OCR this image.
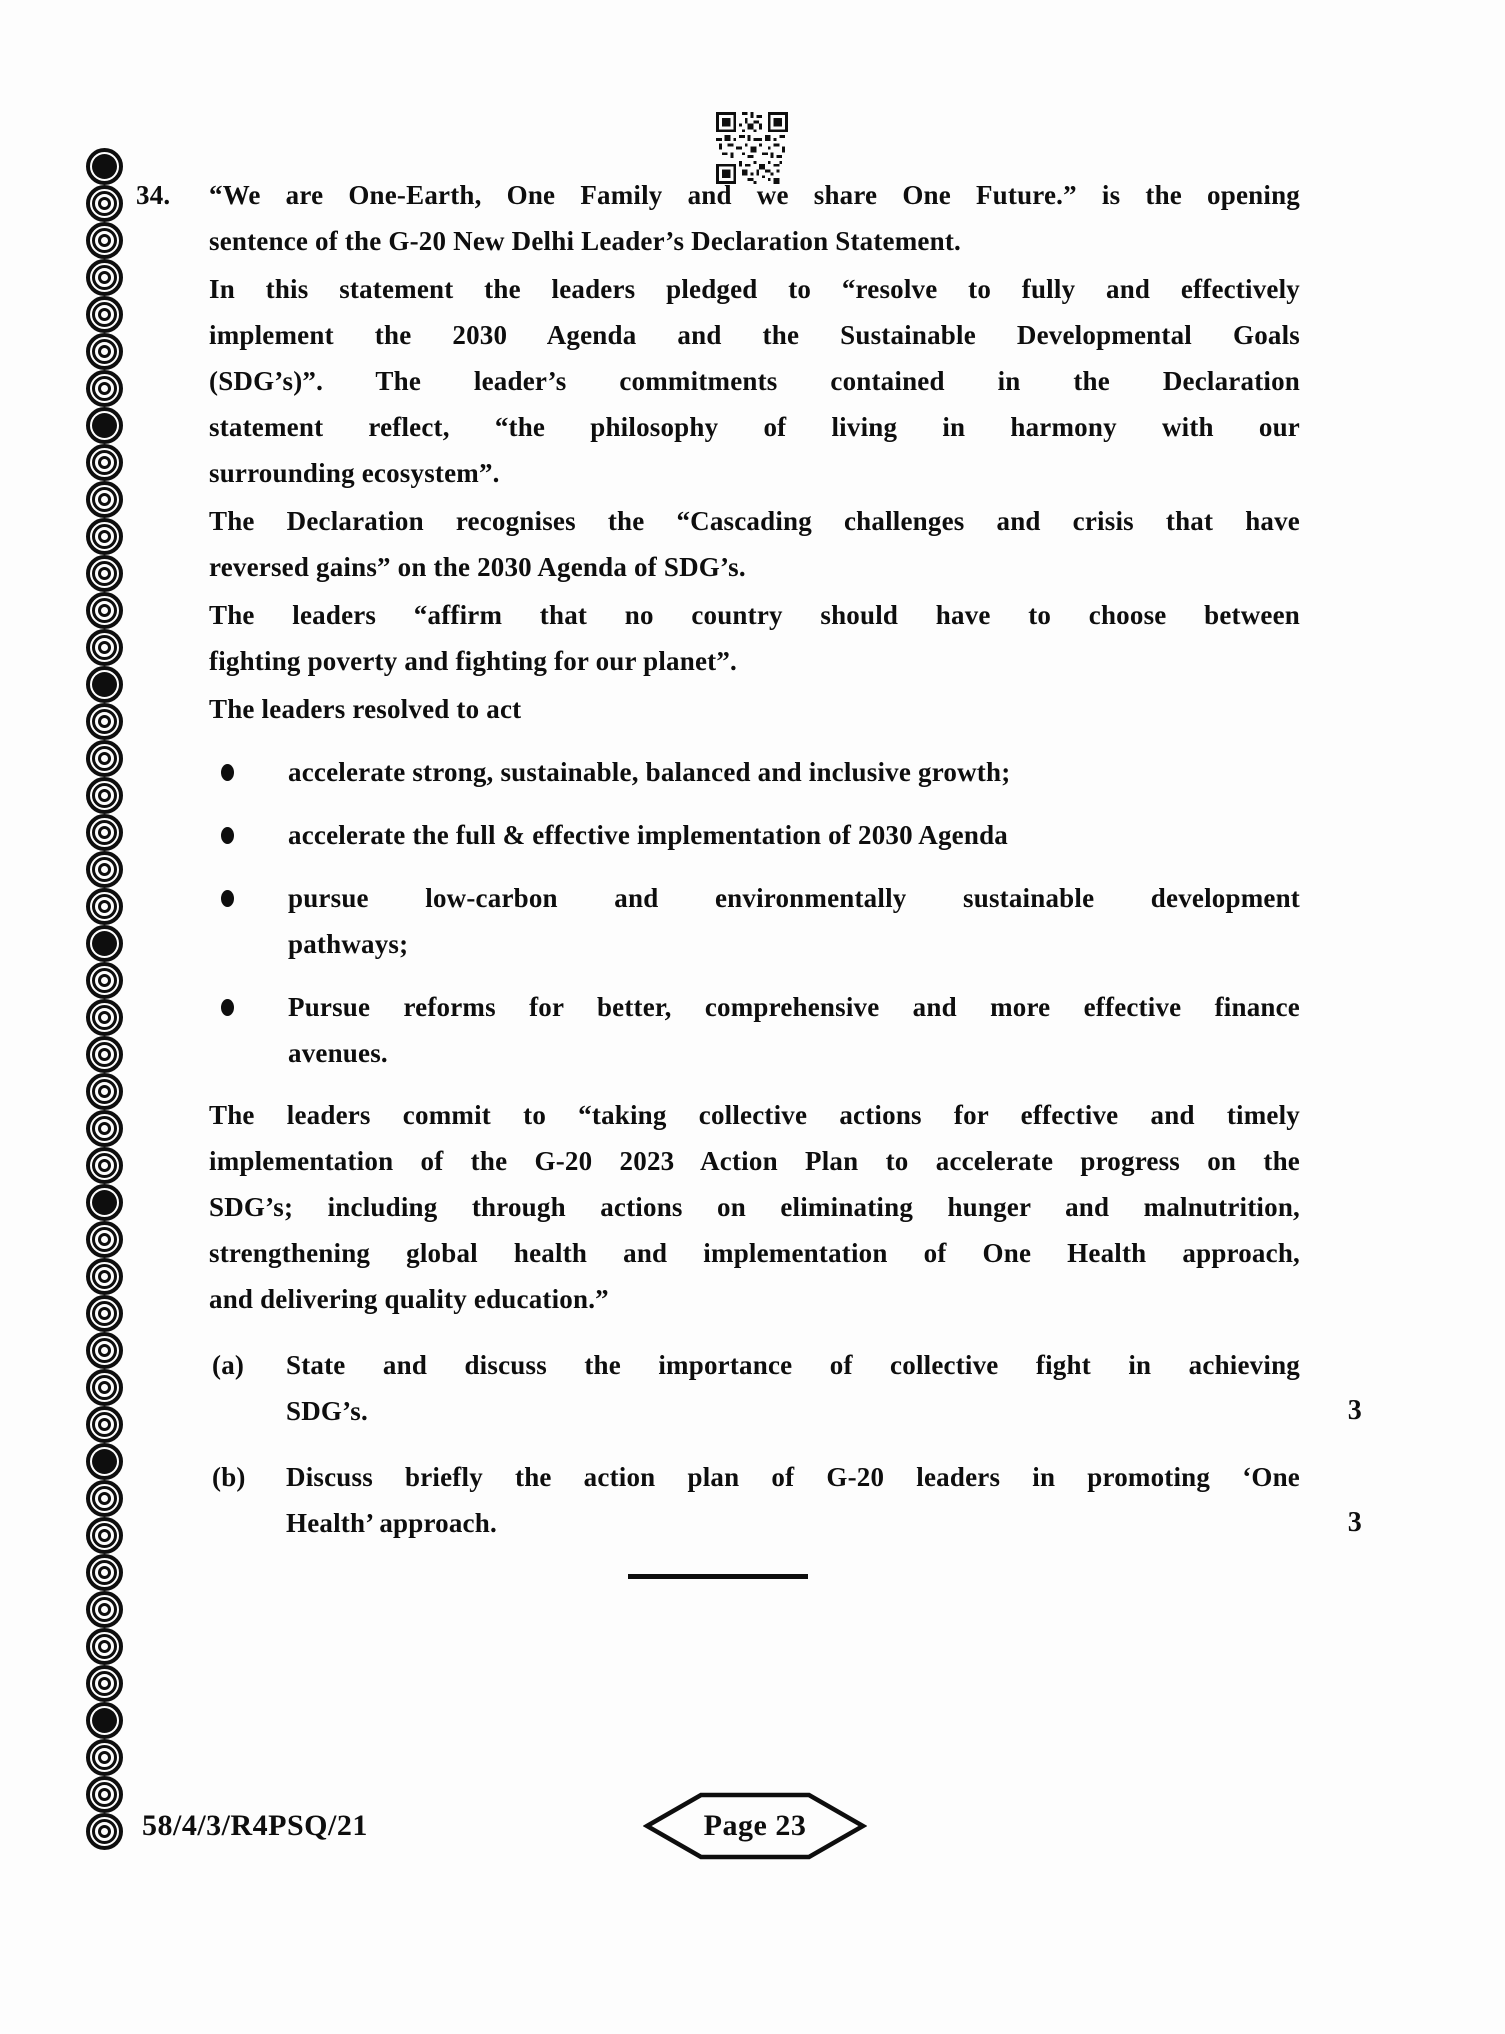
34. “We are One-Earth, One Family and we share One Future.” is the opening
sentence of the G-20 New Delhi Leader’s Declaration Statement.
In this statement the leaders pledged to “resolve to fully and effectively
implement the 2030 Agenda and the Sustainable Developmental Goals
(SDG’s)”. The leader’s commitments contained in the Declaration
statement reflect, “the philosophy of living in harmony with our
surrounding ecosystem”.
The Declaration recognises the “Cascading challenges and crisis that have
reversed gains” on the 2030 Agenda of SDG’s.
The leaders “affirm that no country should have to choose between
fighting poverty and fighting for our planet”.
The leaders resolved to act
accelerate strong, sustainable, balanced and inclusive growth;
accelerate the full & effective implementation of 2030 Agenda
pursue low-carbon and environmentally sustainable development
pathways;
Pursue reforms for better, comprehensive and more effective finance
avenues.
The leaders commit to “taking collective actions for effective and timely
implementation of the G-20 2023 Action Plan to accelerate progress on the
SDG’s; including through actions on eliminating hunger and malnutrition,
strengthening global health and implementation of One Health approach,
and delivering quality education.”
(a) State and discuss the importance of collective fight in achieving
SDG’s.	3
(b) Discuss briefly the action plan of G-20 leaders in promoting ‘One
Health’ approach.	3
58/4/3/R4PSQ/21	Page 23
